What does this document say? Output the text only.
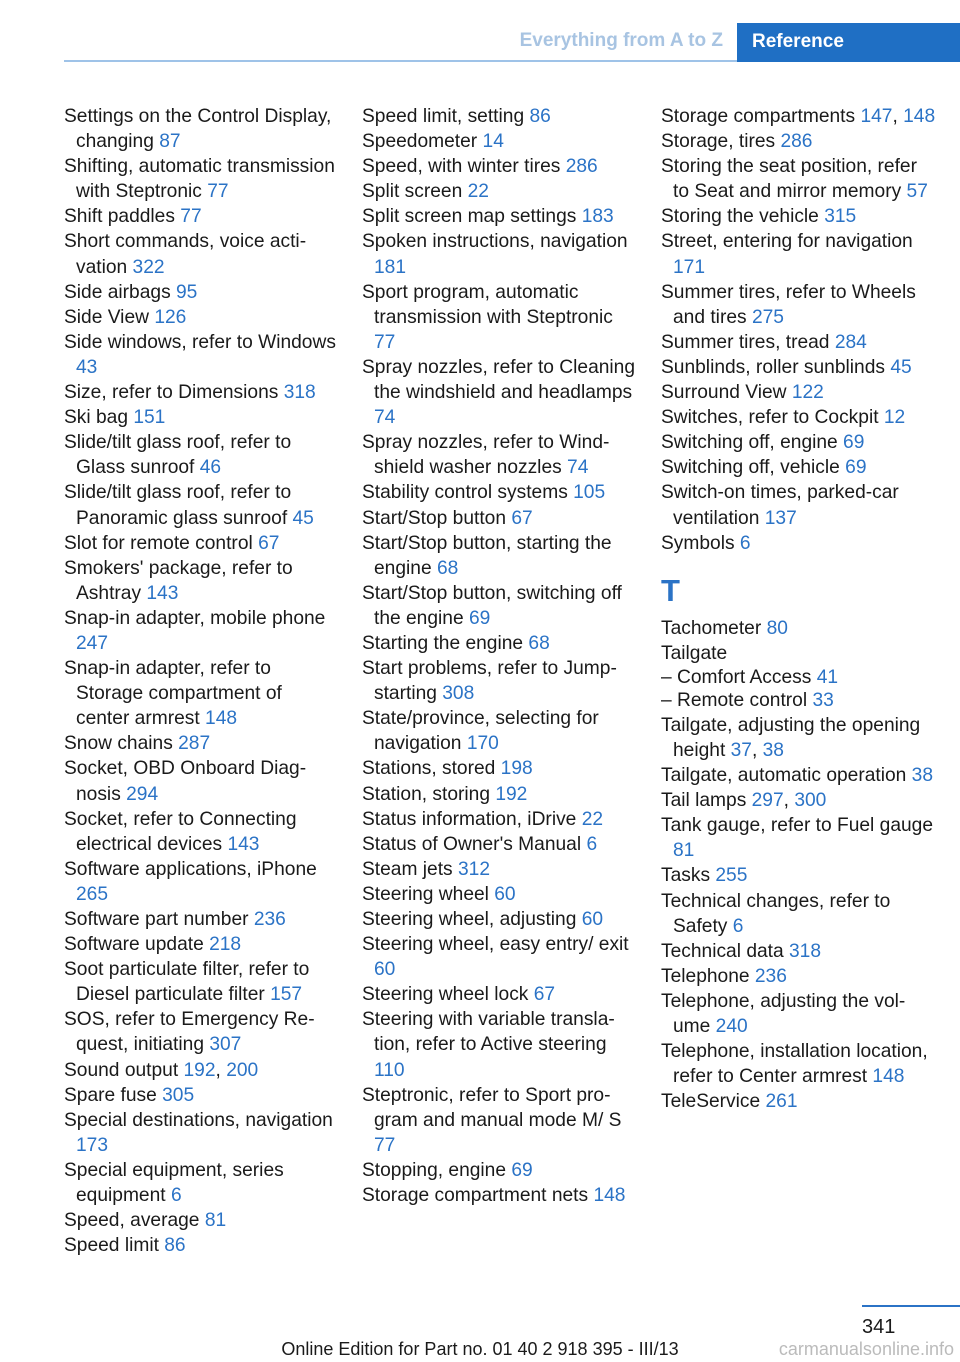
Everything from A to Z	Reference
Settings on the Control Display, changing 87
Shifting, automatic transmission with Steptronic 77
Shift paddles 77
Short commands, voice activation 322
Side airbags 95
Side View 126
Side windows, refer to Windows 43
Size, refer to Dimensions 318
Ski bag 151
Slide/tilt glass roof, refer to Glass sunroof 46
Slide/tilt glass roof, refer to Panoramic glass sunroof 45
Slot for remote control 67
Smokers' package, refer to Ashtray 143
Snap-in adapter, mobile phone 247
Snap-in adapter, refer to Storage compartment of center armrest 148
Snow chains 287
Socket, OBD Onboard Diagnosis 294
Socket, refer to Connecting electrical devices 143
Software applications, iPhone 265
Software part number 236
Software update 218
Soot particulate filter, refer to Diesel particulate filter 157
SOS, refer to Emergency Request, initiating 307
Sound output 192, 200
Spare fuse 305
Special destinations, navigation 173
Special equipment, series equipment 6
Speed, average 81
Speed limit 86
Speed limit, setting 86
Speedometer 14
Speed, with winter tires 286
Split screen 22
Split screen map settings 183
Spoken instructions, navigation 181
Sport program, automatic transmission with Steptronic 77
Spray nozzles, refer to Cleaning the windshield and headlamps 74
Spray nozzles, refer to Windshield washer nozzles 74
Stability control systems 105
Start/Stop button 67
Start/Stop button, starting the engine 68
Start/Stop button, switching off the engine 69
Starting the engine 68
Start problems, refer to Jump-starting 308
State/province, selecting for navigation 170
Stations, stored 198
Station, storing 192
Status information, iDrive 22
Status of Owner's Manual 6
Steam jets 312
Steering wheel 60
Steering wheel, adjusting 60
Steering wheel, easy entry/ exit 60
Steering wheel lock 67
Steering with variable translation, refer to Active steering 110
Steptronic, refer to Sport program and manual mode M/ S 77
Stopping, engine 69
Storage compartment nets 148
Storage compartments 147, 148
Storage, tires 286
Storing the seat position, refer to Seat and mirror memory 57
Storing the vehicle 315
Street, entering for navigation 171
Summer tires, refer to Wheels and tires 275
Summer tires, tread 284
Sunblinds, roller sunblinds 45
Surround View 122
Switches, refer to Cockpit 12
Switching off, engine 69
Switching off, vehicle 69
Switch-on times, parked-car ventilation 137
Symbols 6
T
Tachometer 80
Tailgate
– Comfort Access 41
– Remote control 33
Tailgate, adjusting the opening height 37, 38
Tailgate, automatic operation 38
Tail lamps 297, 300
Tank gauge, refer to Fuel gauge 81
Tasks 255
Technical changes, refer to Safety 6
Technical data 318
Telephone 236
Telephone, adjusting the volume 240
Telephone, installation location, refer to Center armrest 148
TeleService 261
341
Online Edition for Part no. 01 40 2 918 395 - III/13	carmanualsonline.info
